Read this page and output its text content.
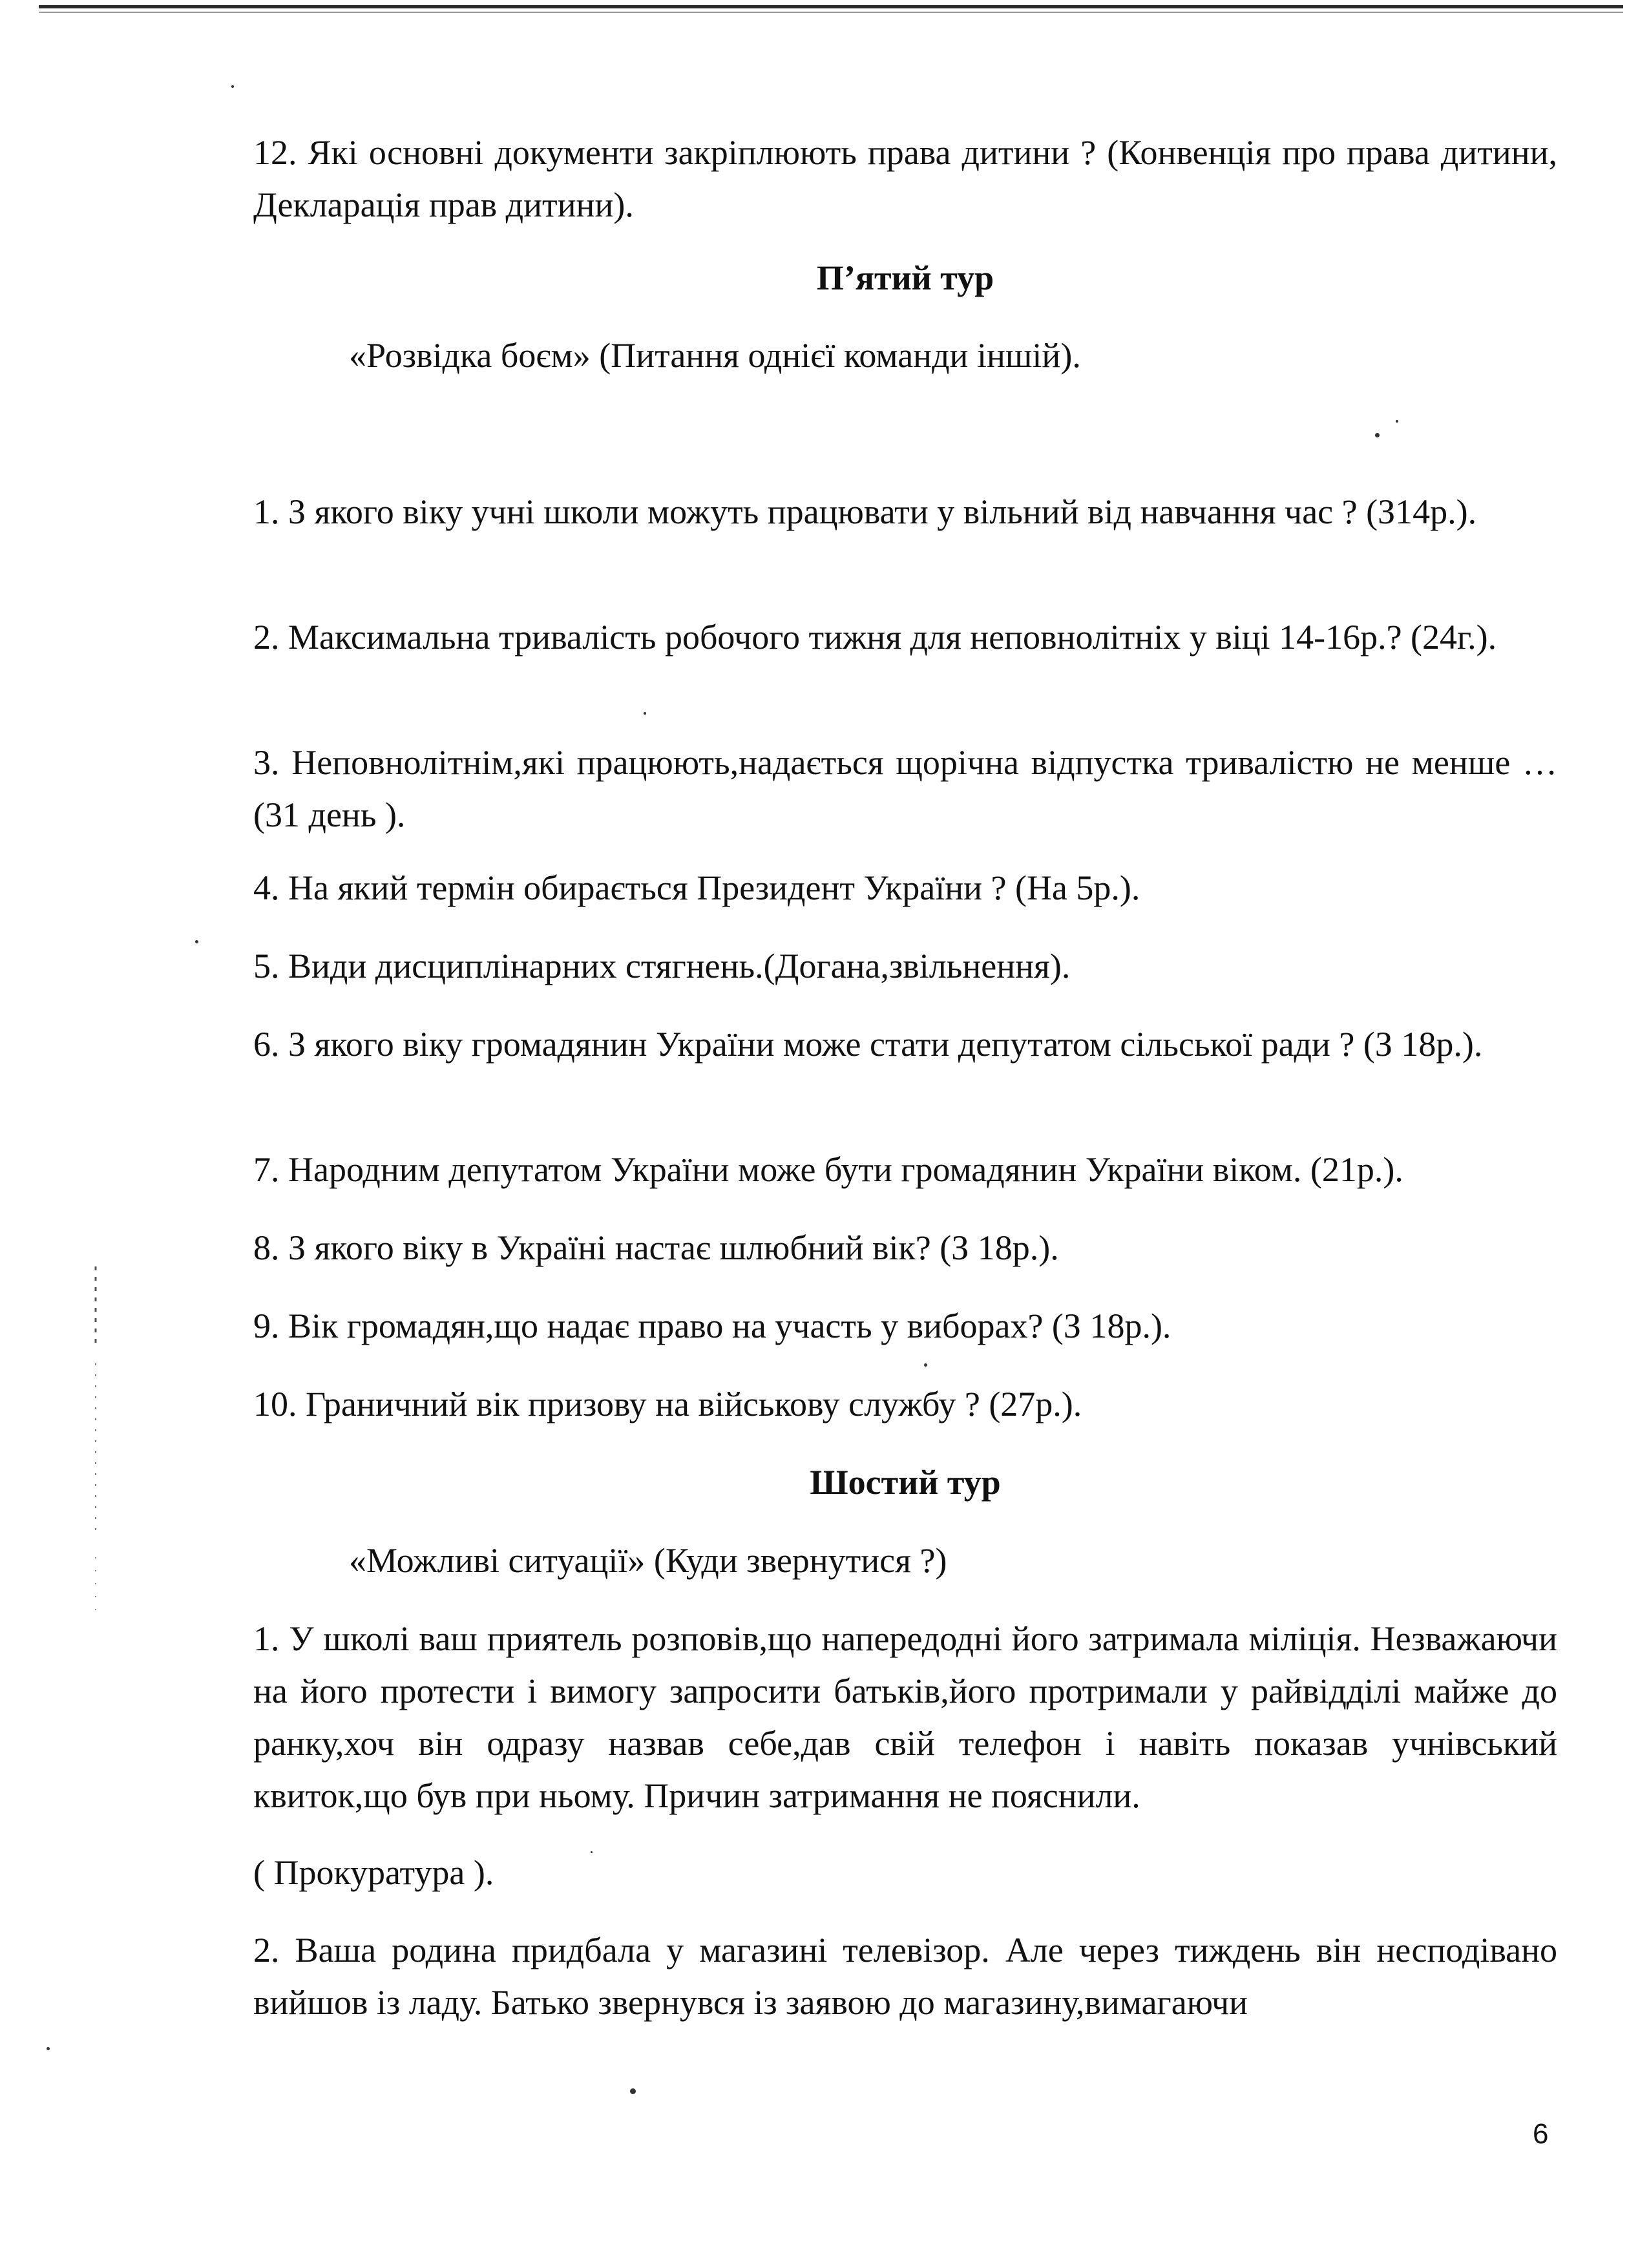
12. Які основні документи закріплюють права дитини ? (Конвенція про права дитини, Декларація прав дитини).
П’ятий тур
«Розвідка боєм» (Питання однієї команди іншій).
1. З якого віку учні школи можуть працювати у вільний від навчання час ? (З14р.).
2. Максимальна тривалість робочого тижня для неповнолітніх у віці 14-16р.? (24г.).
3. Неповнолітнім,які працюють,надається щорічна відпустка тривалістю не менше … (31 день ).
4. На який термін обирається Президент України ? (На 5р.).
5. Види дисциплінарних стягнень.(Догана,звільнення).
6. З якого віку громадянин України може стати депутатом сільської ради ? (З 18р.).
7. Народним депутатом України може бути громадянин України віком. (21р.).
8. З якого віку в Україні настає шлюбний вік? (З 18р.).
9. Вік громадян,що надає право на участь у виборах? (З 18р.).
10. Граничний вік призову на військову службу ? (27р.).
Шостий тур
«Можливі ситуації» (Куди звернутися ?)
1. У школі ваш приятель розповів,що напередодні його затримала міліція. Незважаючи на його протести і вимогу запросити батьків,його протримали у райвідділі майже до ранку,хоч він одразу назвав себе,дав свій телефон і навіть показав учнівський квиток,що був при ньому. Причин затримання не пояснили.
( Прокуратура ).
2. Ваша родина придбала у магазині телевізор. Але через тиждень він несподівано вийшов із ладу. Батько звернувся із заявою до магазину,вимагаючи
6
